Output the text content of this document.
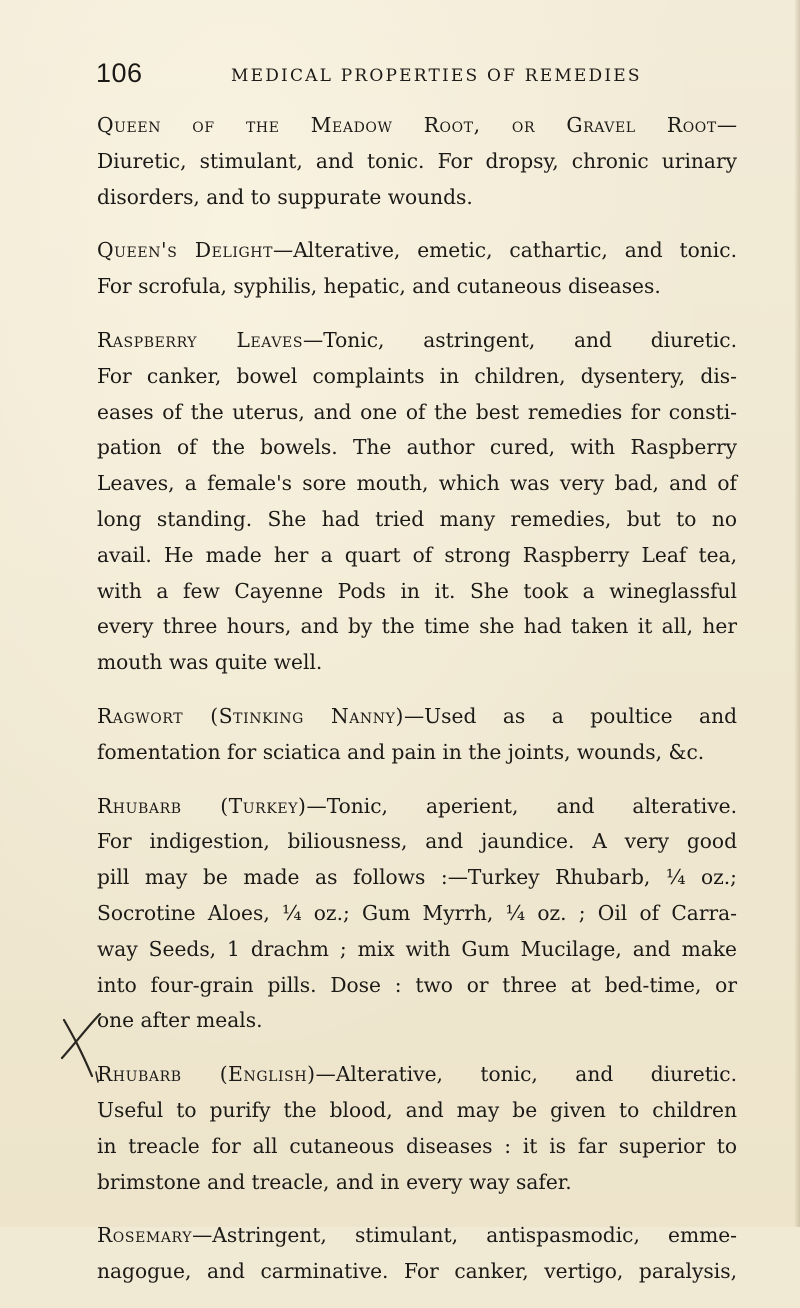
106	MEDICAL PROPERTIES OF REMEDIES
Queen of the Meadow Root, or Gravel Root—
Diuretic, stimulant, and tonic. For dropsy, chronic urinary
disorders, and to suppurate wounds.
Queen's Delight—Alterative, emetic, cathartic, and tonic.
For scrofula, syphilis, hepatic, and cutaneous diseases.
Raspberry Leaves—Tonic, astringent, and diuretic.
For canker, bowel complaints in children, dysentery, dis-
eases of the uterus, and one of the best remedies for consti-
pation of the bowels. The author cured, with Raspberry
Leaves, a female's sore mouth, which was very bad, and of
long standing. She had tried many remedies, but to no
avail. He made her a quart of strong Raspberry Leaf tea,
with a few Cayenne Pods in it. She took a wineglassful
every three hours, and by the time she had taken it all, her
mouth was quite well.
Ragwort (Stinking Nanny)—Used as a poultice and
fomentation for sciatica and pain in the joints, wounds, &c.
Rhubarb (Turkey)—Tonic, aperient, and alterative.
For indigestion, biliousness, and jaundice. A very good
pill may be made as follows :—Turkey Rhubarb, ¼ oz.;
Socrotine Aloes, ¼ oz.; Gum Myrrh, ¼ oz. ; Oil of Carra-
way Seeds, 1 drachm ; mix with Gum Mucilage, and make
into four-grain pills. Dose : two or three at bed-time, or
one after meals.
Rhubarb (English)—Alterative, tonic, and diuretic.
Useful to purify the blood, and may be given to children
in treacle for all cutaneous diseases : it is far superior to
brimstone and treacle, and in every way safer.
Rosemary—Astringent, stimulant, antispasmodic, emme-
nagogue, and carminative. For canker, vertigo, paralysis,
